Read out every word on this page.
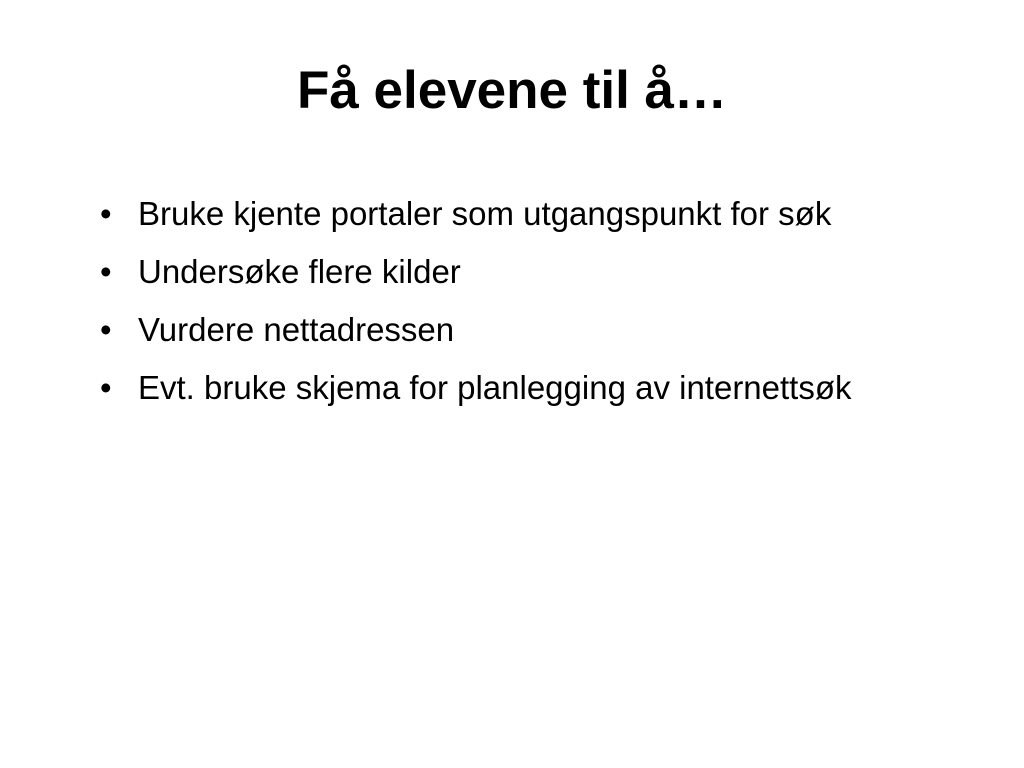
Få elevene til å…
• Bruke kjente portaler som utgangspunkt for søk
• Undersøke flere kilder
• Vurdere nettadressen
• Evt. bruke skjema for planlegging av internettsøk
